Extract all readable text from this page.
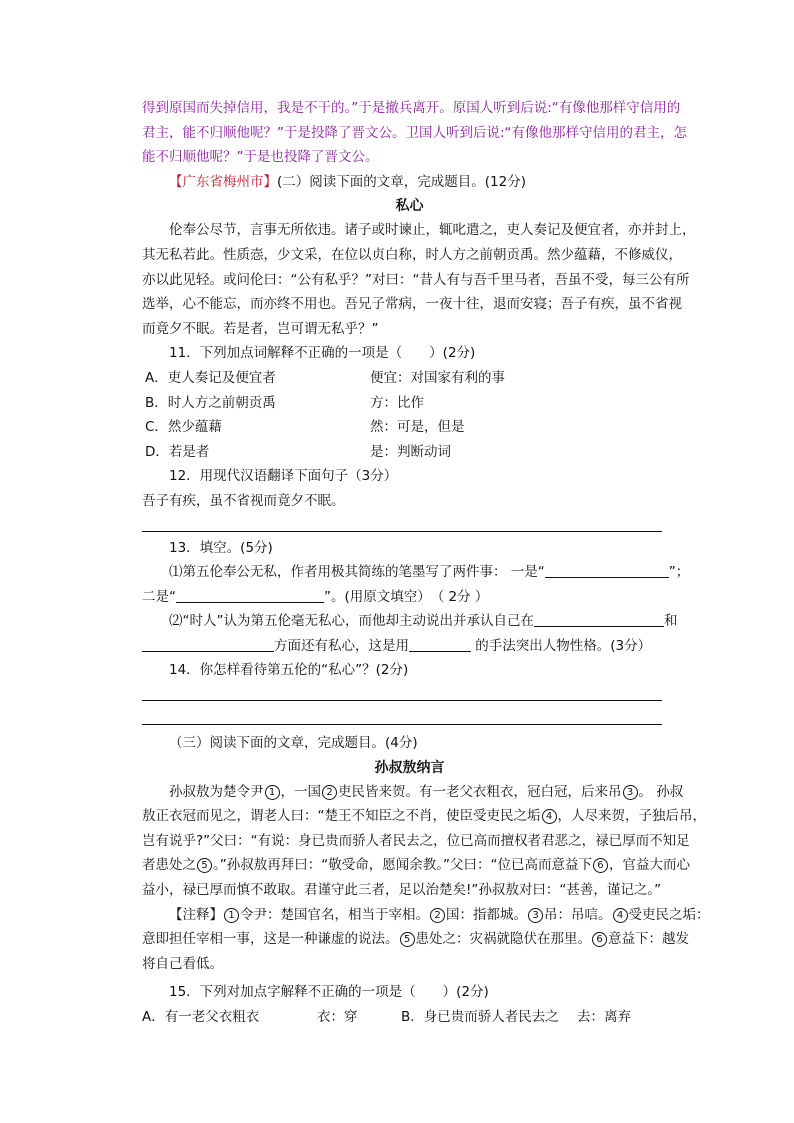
得到原国而失掉信用，我是不干的。”于是撤兵离开。原国人听到后说:“有像他那样守信用的
君主，能不归顺他呢？”于是投降了晋文公。卫国人听到后说:“有像他那样守信用的君主，怎
能不归顺他呢？”于是也投降了晋文公。
【广东省梅州市】(二）阅读下面的文章，完成题目。(12分)
私心
伦奉公尽节，言事无所依违。诸子或时谏止，辄叱遣之，吏人奏记及便宜者，亦并封上，
其无私若此。性质悫，少文采，在位以贞白称，时人方之前朝贡禹。然少蕴藉，不修威仪，
亦以此见轻。或问伦曰：“公有私乎？”对曰：“昔人有与吾千里马者，吾虽不受，每三公有所
选举，心不能忘，而亦终不用也。吾兄子常病，一夜十往，退而安寝；吾子有疾，虽不省视
而竟夕不眠。若是者，岂可谓无私乎？”
11．下列加点词解释不正确的一项是（　　）(2分)
A．吏人奏记及便宜者	便宜：对国家有利的事
B．时人方之前朝贡禹	方：比作
C．然少蕴藉	然：可是，但是
D．若是者	是：判断动词
12．用现代汉语翻译下面句子（3分）
吾子有疾，虽不省视而竟夕不眠。
13．填空。(5分)
⑴第五伦奉公无私，作者用极其简练的笔墨写了两件事： 一是“	”；
二是“	”。(用原文填空）　（ 2分 ）
⑵“时人”认为第五伦毫无私心，而他却主动说出并承认自己在	和
方面还有私心，这是用	的手法突出人物性格。(3分）
14．你怎样看待第五伦的“私心”？(2分)
（三）阅读下面的文章，完成题目。(4分)
孙叔敖纳言
孙叔敖为楚令尹 1 ，一国 2 吏民皆来贺。有一老父衣粗衣，冠白冠，后来吊 3 。 孙叔
敖正衣冠而见之，谓老人曰：“楚王不知臣之不肖，使臣受吏民之垢 4 ，人尽来贺，子独后吊，
岂有说乎?”父曰：“有说：身已贵而骄人者民去之，位已高而擅权者君恶之，禄已厚而不知足
者患处之 5 。”孙叔敖再拜曰：“敬受命，愿闻余教。”父曰：“位已高而意益下 6 ，官益大而心
益小，禄已厚而慎不敢取。君谨守此三者，足以治楚矣!”孙叔敖对曰：“甚善，谨记之。”
【注释】 1 令尹：楚国官名，相当于宰相。 2 国：指都城。 3 吊：吊唁。 4 受吏民之垢：
意即担任宰相一事，这是一种谦虚的说法。 5 患处之：灾祸就隐伏在那里。 6 意益下：越发
将自己看低。
15．下列对加点字解释不正确的一项是（　　）(2分)
A．有一老父衣粗衣	衣：穿	B．身已贵而骄人者民去之	去：离弃
